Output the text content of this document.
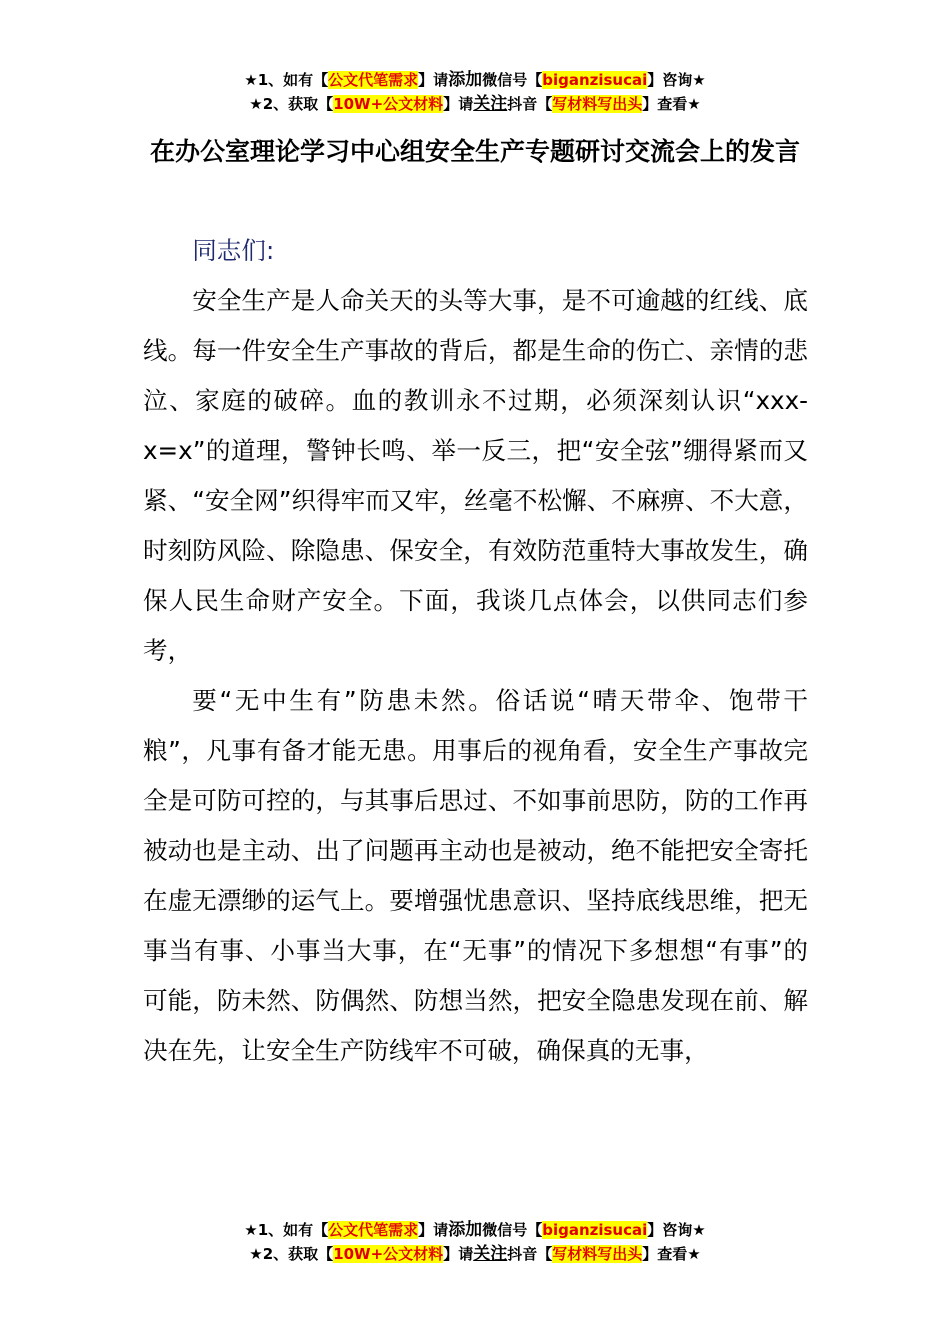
★1、如有【公文代笔需求】请添加微信号【biganzisucai】咨询★
★2、获取【10W+公文材料】请关注抖音【写材料写出头】查看★
在办公室理论学习中心组安全生产专题研讨交流会上的发言

同志们:

安全生产是人命关天的头等大事，是不可逾越的红线、底线。每一件安全生产事故的背后，都是生命的伤亡、亲情的悲泣、家庭的破碎。血的教训永不过期，必须深刻认识“xxx-x=x”的道理，警钟长鸣、举一反三，把“安全弦”绷得紧而又紧、“安全网”织得牢而又牢，丝毫不松懈、不麻痹、不大意，时刻防风险、除隐患、保安全，有效防范重特大事故发生，确保人民生命财产安全。下面，我谈几点体会，以供同志们参考，

要“无中生有”防患未然。俗话说“晴天带伞、饱带干粮”，凡事有备才能无患。用事后的视角看，安全生产事故完全是可防可控的，与其事后思过、不如事前思防，防的工作再被动也是主动、出了问题再主动也是被动，绝不能把安全寄托在虚无漂缈的运气上。要增强忧患意识、坚持底线思维，把无事当有事、小事当大事，在“无事”的情况下多想想“有事”的可能，防未然、防偶然、防想当然，把安全隐患发现在前、解决在先，让安全生产防线牢不可破，确保真的无事，

★1、如有【公文代笔需求】请添加微信号【biganzisucai】咨询★
★2、获取【10W+公文材料】请关注抖音【写材料写出头】查看★
